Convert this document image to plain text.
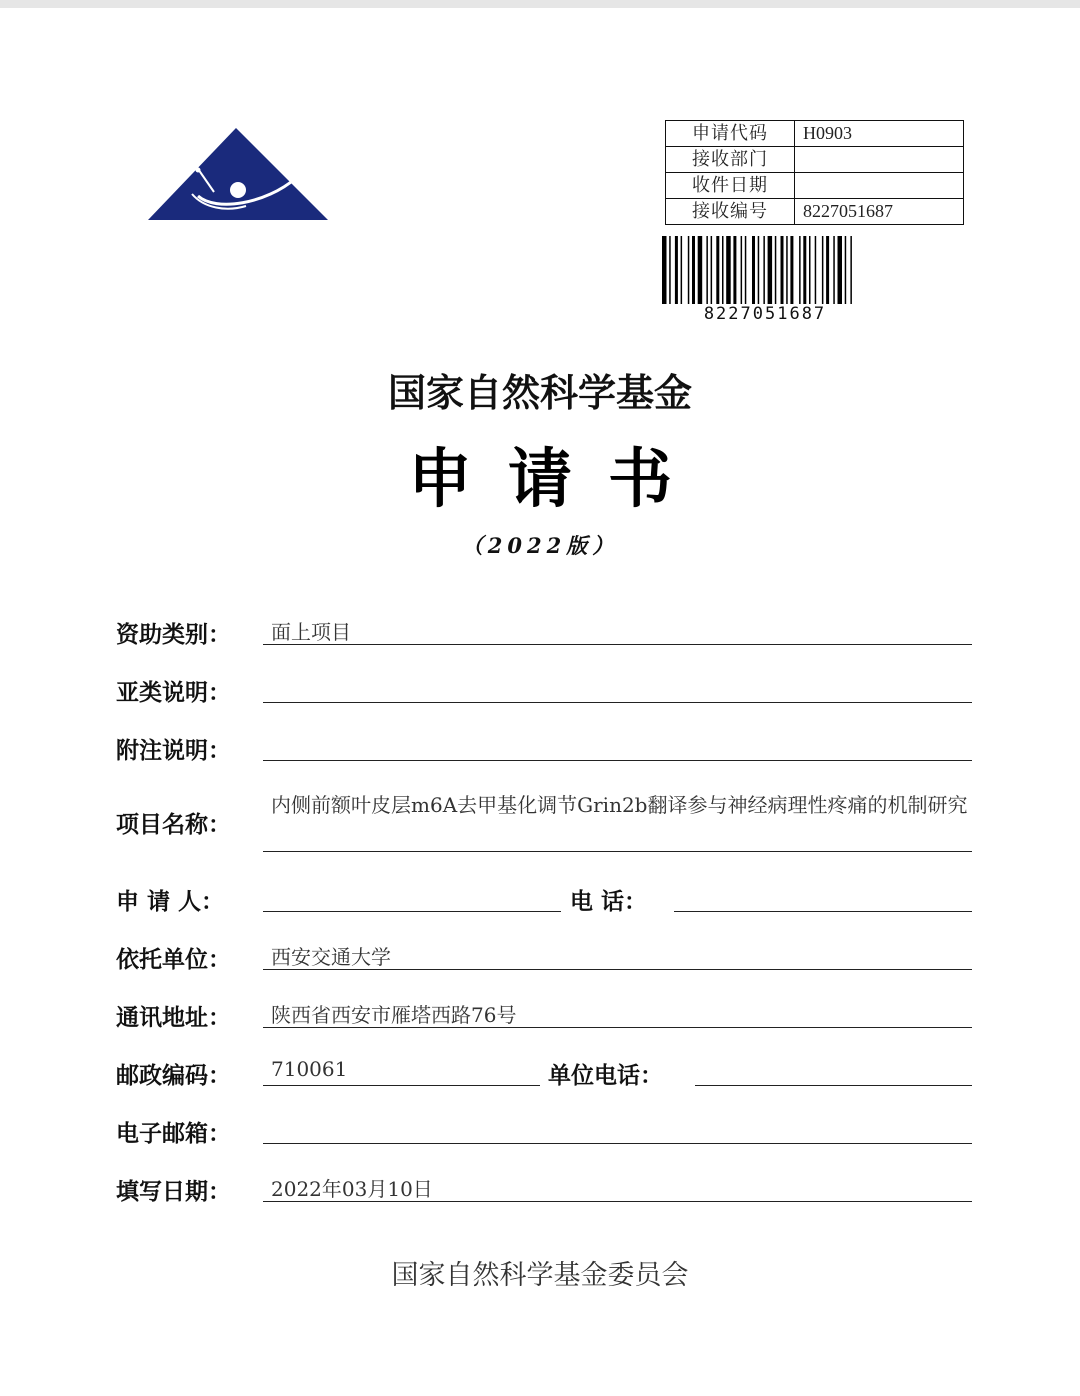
申请代码	H0903
接收部门	
收件日期	
接收编号	8227051687
8227051687
国家自然科学基金
申请书
（2022版）
资助类别： 面上项目
亚类说明：
附注说明：
项目名称：
内侧前额叶皮层m6A去甲基化调节Grin2b翻译参与神经病理性疼痛的机制研究
申 请 人：	电 话：
依托单位： 西安交通大学
通讯地址： 陕西省西安市雁塔西路76号
邮政编码： 710061	单位电话：
电子邮箱：
填写日期： 2022年03月10日
国家自然科学基金委员会
